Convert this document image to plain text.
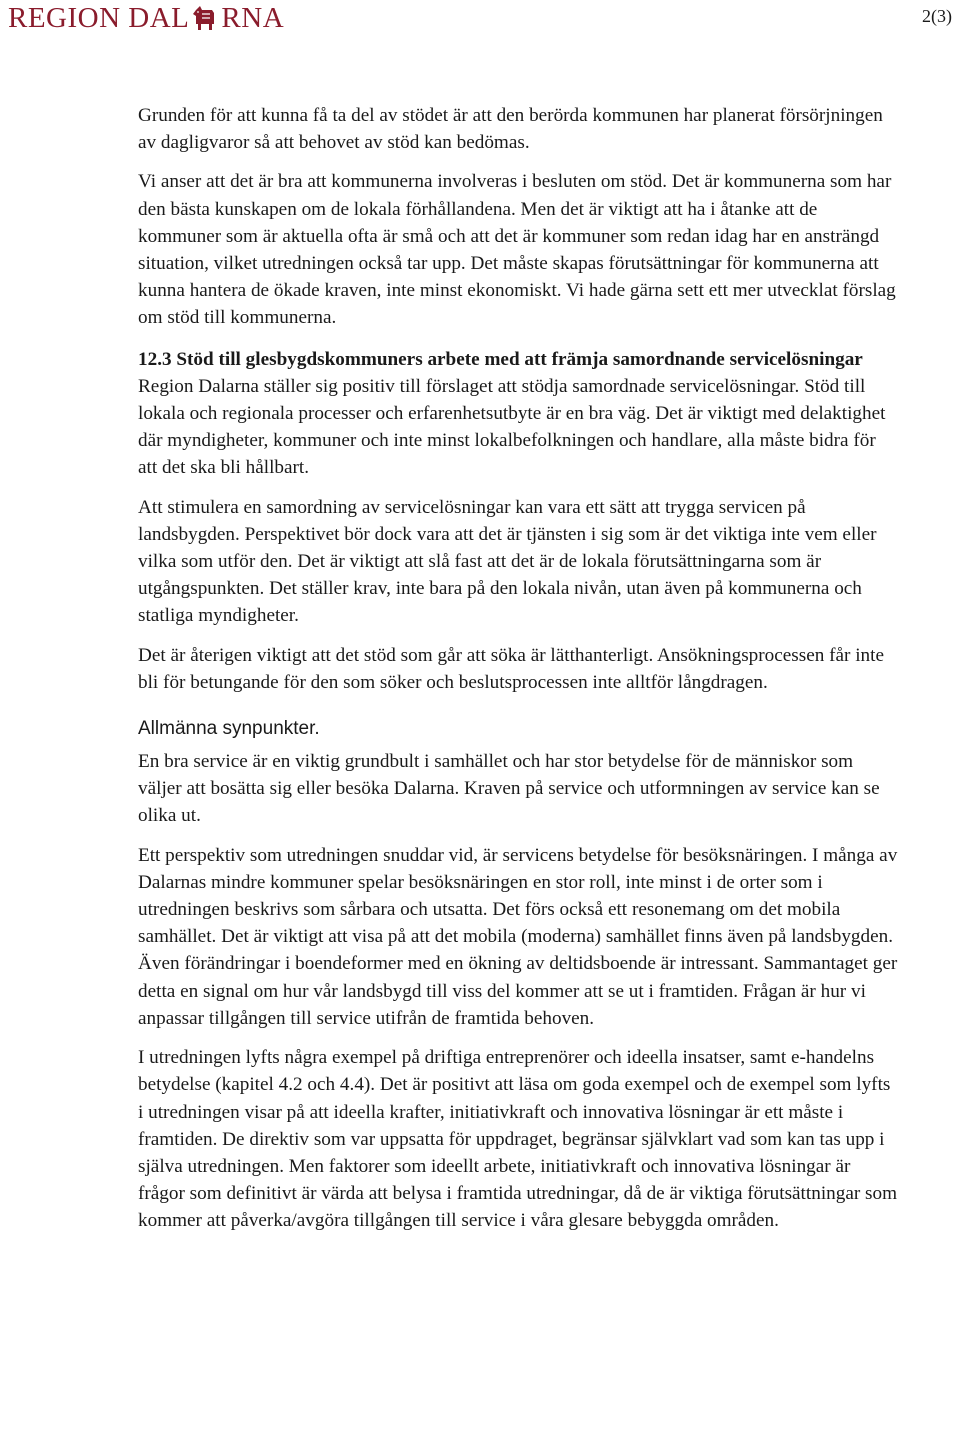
REGION DAL RNA	2(3)

Grunden för att kunna få ta del av stödet är att den berörda kommunen har planerat försörjningen av dagligvaror så att behovet av stöd kan bedömas.

Vi anser att det är bra att kommunerna involveras i besluten om stöd. Det är kommunerna som har den bästa kunskapen om de lokala förhållandena. Men det är viktigt att ha i åtanke att de kommuner som är aktuella ofta är små och att det är kommuner som redan idag har en ansträngd situation, vilket utredningen också tar upp. Det måste skapas förutsättningar för kommunerna att kunna hantera de ökade kraven, inte minst ekonomiskt. Vi hade gärna sett ett mer utvecklat förslag om stöd till kommunerna.

12.3 Stöd till glesbygdskommuners arbete med att främja samordnande servicelösningar

Region Dalarna ställer sig positiv till förslaget att stödja samordnade servicelösningar. Stöd till lokala och regionala processer och erfarenhetsutbyte är en bra väg. Det är viktigt med delaktighet där myndigheter, kommuner och inte minst lokalbefolkningen och handlare, alla måste bidra för att det ska bli hållbart.

Att stimulera en samordning av servicelösningar kan vara ett sätt att trygga servicen på landsbygden. Perspektivet bör dock vara att det är tjänsten i sig som är det viktiga inte vem eller vilka som utför den. Det är viktigt att slå fast att det är de lokala förutsättningarna som är utgångspunkten. Det ställer krav, inte bara på den lokala nivån, utan även på kommunerna och statliga myndigheter.

Det är återigen viktigt att det stöd som går att söka är lätthanterligt. Ansökningsprocessen får inte bli för betungande för den som söker och beslutsprocessen inte alltför långdragen.

Allmänna synpunkter.

En bra service är en viktig grundbult i samhället och har stor betydelse för de människor som väljer att bosätta sig eller besöka Dalarna. Kraven på service och utformningen av service kan se olika ut.

Ett perspektiv som utredningen snuddar vid, är servicens betydelse för besöksnäringen. I många av Dalarnas mindre kommuner spelar besöksnäringen en stor roll, inte minst i de orter som i utredningen beskrivs som sårbara och utsatta. Det förs också ett resonemang om det mobila samhället. Det är viktigt att visa på att det mobila (moderna) samhället finns även på landsbygden. Även förändringar i boendeformer med en ökning av deltidsboende är intressant. Sammantaget ger detta en signal om hur vår landsbygd till viss del kommer att se ut i framtiden. Frågan är hur vi anpassar tillgången till service utifrån de framtida behoven.

I utredningen lyfts några exempel på driftiga entreprenörer och ideella insatser, samt e-handelns betydelse (kapitel 4.2 och 4.4). Det är positivt att läsa om goda exempel och de exempel som lyfts i utredningen visar på att ideella krafter, initiativkraft och innovativa lösningar är ett måste i framtiden. De direktiv som var uppsatta för uppdraget, begränsar självklart vad som kan tas upp i själva utredningen. Men faktorer som ideellt arbete, initiativkraft och innovativa lösningar är frågor som definitivt är värda att belysa i framtida utredningar, då de är viktiga förutsättningar som kommer att påverka/avgöra tillgången till service i våra glesare bebyggda områden.
